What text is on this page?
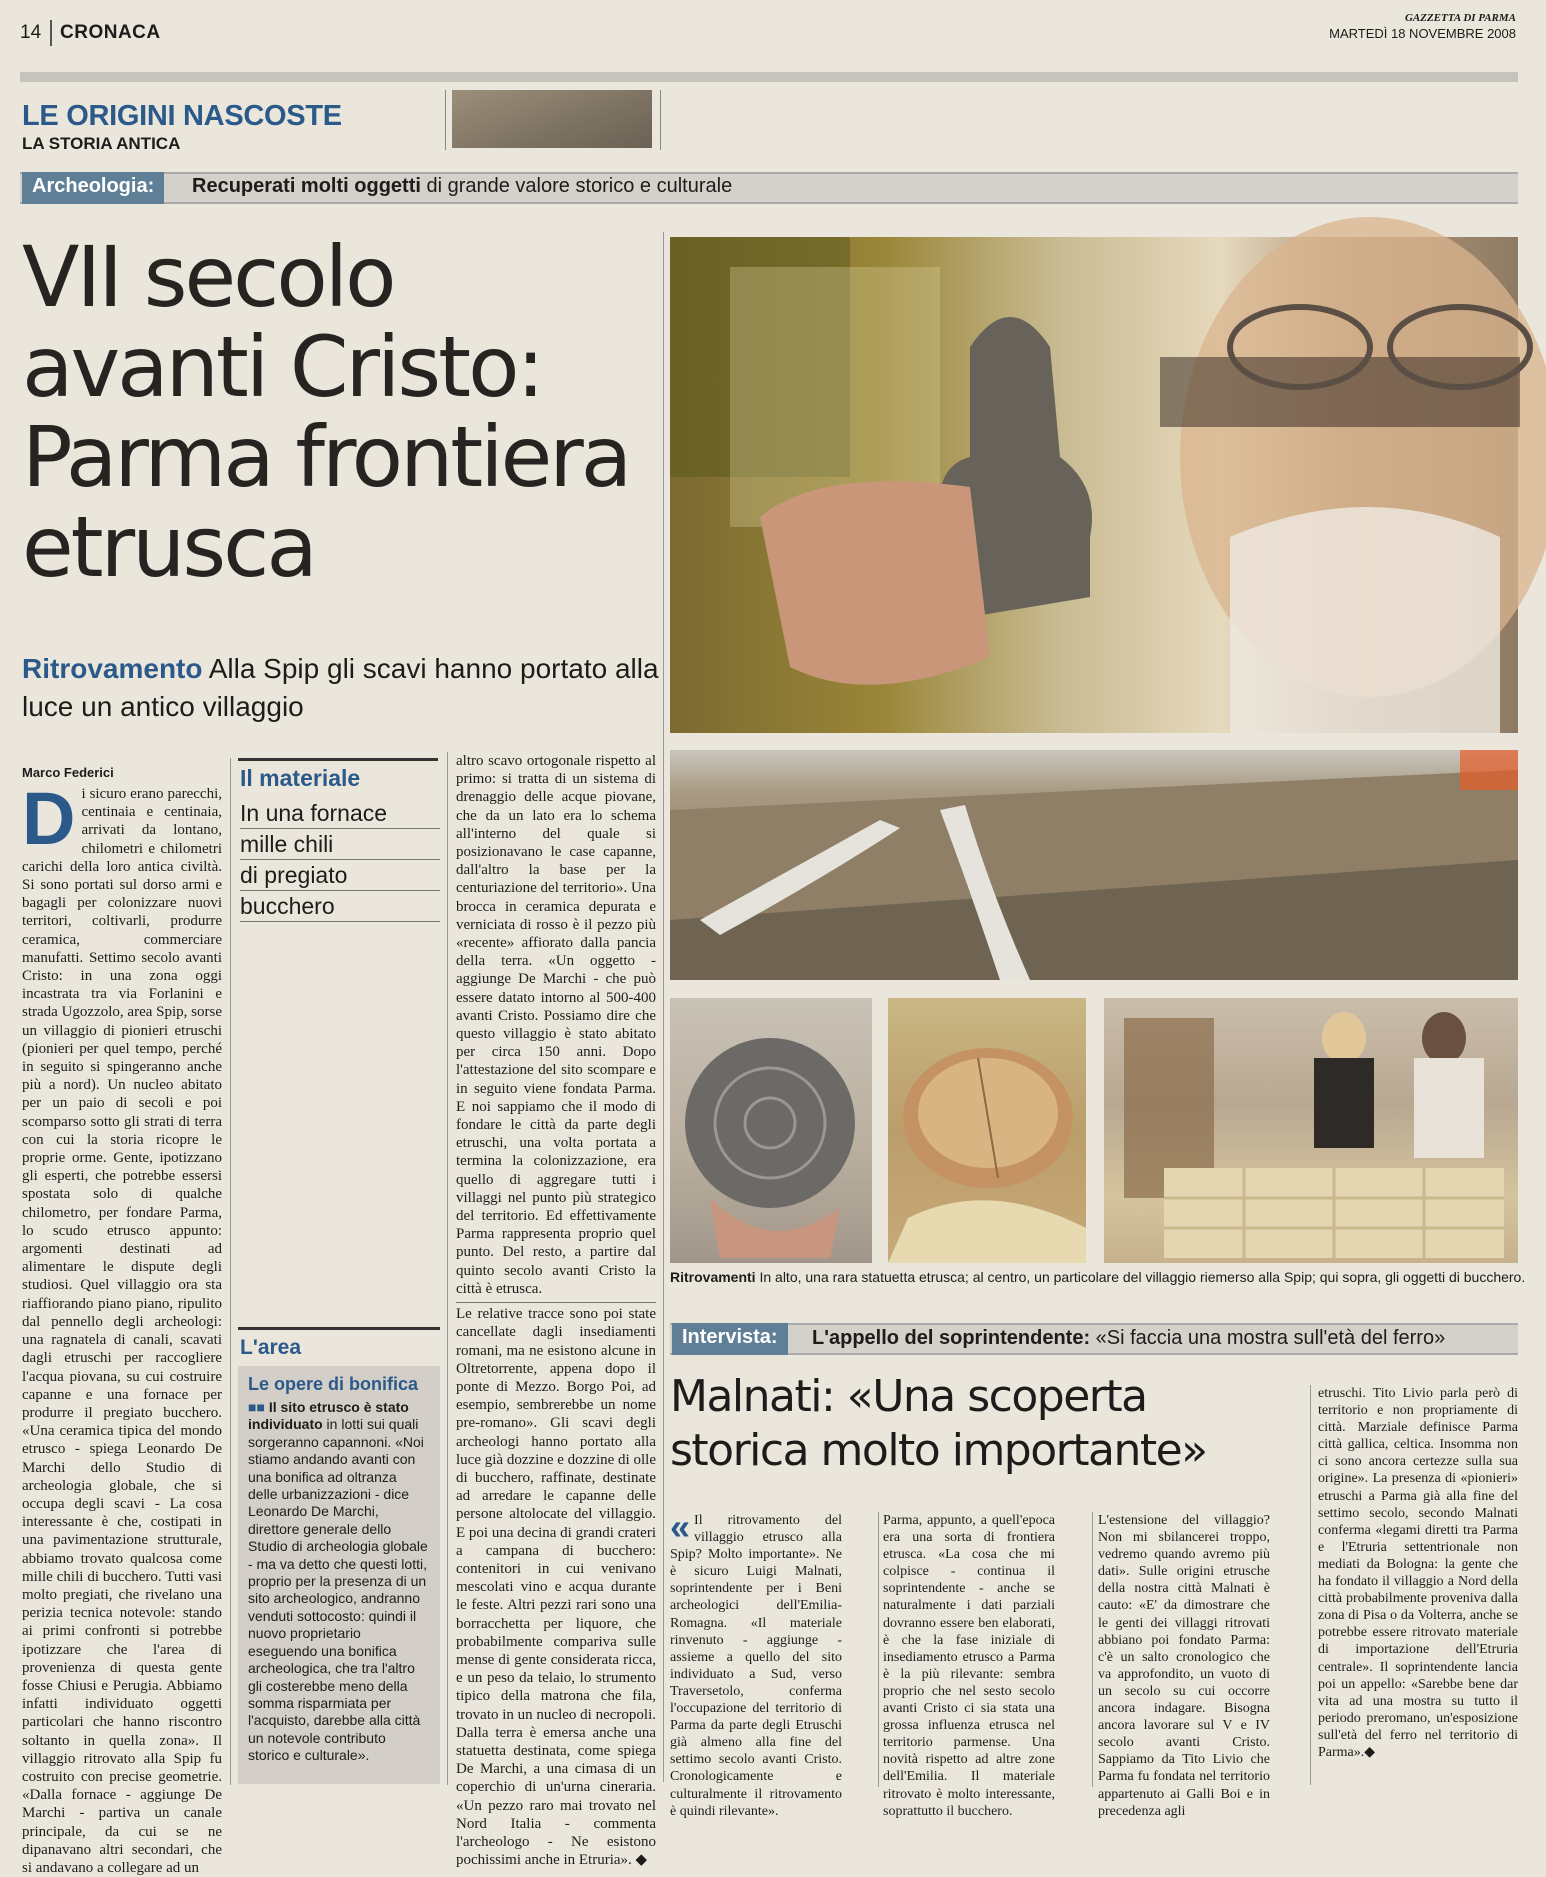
14 CRONACA
GAZZETTA DI PARMA
MARTEDÌ 18 NOVEMBRE 2008
LE ORIGINI NASCOSTE
LA STORIA ANTICA
Archeologia:	Recuperati molti oggetti di grande valore storico e culturale
VII secolo
avanti Cristo:
Parma frontiera
etrusca
Ritrovamento Alla Spip gli scavi hanno portato alla luce un antico villaggio
Ritrovamenti In alto, una rara statuetta etrusca; al centro, un particolare del villaggio riemerso alla Spip; qui sopra, gli oggetti di bucchero.
Marco Federici
Di sicuro erano parecchi, centinaia e centinaia, arrivati da lontano, chilometri e chilometri carichi della loro antica civiltà. Si sono portati sul dorso armi e bagagli per colonizzare nuovi territori, coltivarli, produrre ceramica, commerciare manufatti. Settimo secolo avanti Cristo: in una zona oggi incastrata tra via Forlanini e strada Ugozzolo, area Spip, sorse un villaggio di pionieri etruschi (pionieri per quel tempo, perché in seguito si spingeranno anche più a nord). Un nucleo abitato per un paio di secoli e poi scomparso sotto gli strati di terra con cui la storia ricopre le proprie orme. Gente, ipotizzano gli esperti, che potrebbe essersi spostata solo di qualche chilometro, per fondare Parma, lo scudo etrusco appunto: argomenti destinati ad alimentare le dispute degli studiosi. Quel villaggio ora sta riaffiorando piano piano, ripulito dal pennello degli archeologi: una ragnatela di canali, scavati dagli etruschi per raccogliere l'acqua piovana, su cui costruire capanne e una fornace per produrre il pregiato bucchero. «Una ceramica tipica del mondo etrusco - spiega Leonardo De Marchi dello Studio di archeologia globale, che si occupa degli scavi - La cosa interessante è che, costipati in una pavimentazione strutturale, abbiamo trovato qualcosa come mille chili di bucchero. Tutti vasi molto pregiati, che rivelano una perizia tecnica notevole: stando ai primi confronti si potrebbe ipotizzare che l'area di provenienza di questa gente fosse Chiusi e Perugia. Abbiamo infatti individuato oggetti particolari che hanno riscontro soltanto in quella zona». Il villaggio ritrovato alla Spip fu costruito con precise geometrie. «Dalla fornace - aggiunge De Marchi - partiva un canale principale, da cui se ne dipanavano altri secondari, che si andavano a collegare ad un
Il materiale
In una fornace
mille chili
di pregiato
bucchero
L'area
Le opere di bonifica
■■ Il sito etrusco è stato individuato in lotti sui quali sorgeranno capannoni. «Noi stiamo andando avanti con una bonifica ad oltranza delle urbanizzazioni - dice Leonardo De Marchi, direttore generale dello Studio di archeologia globale - ma va detto che questi lotti, proprio per la presenza di un sito archeologico, andranno venduti sottocosto: quindi il nuovo proprietario eseguendo una bonifica archeologica, che tra l'altro gli costerebbe meno della somma risparmiata per l'acquisto, darebbe alla città un notevole contributo storico e culturale».
altro scavo ortogonale rispetto al primo: si tratta di un sistema di drenaggio delle acque piovane, che da un lato era lo schema all'interno del quale si posizionavano le case capanne, dall'altro la base per la centuriazione del territorio». Una brocca in ceramica depurata e verniciata di rosso è il pezzo più «recente» affiorato dalla pancia della terra. «Un oggetto - aggiunge De Marchi - che può essere datato intorno al 500-400 avanti Cristo. Possiamo dire che questo villaggio è stato abitato per circa 150 anni. Dopo l'attestazione del sito scompare e in seguito viene fondata Parma. E noi sappiamo che il modo di fondare le città da parte degli etruschi, una volta portata a termina la colonizzazione, era quello di aggregare tutti i villaggi nel punto più strategico del territorio. Ed effettivamente Parma rappresenta proprio quel punto. Del resto, a partire dal quinto secolo avanti Cristo la città è etrusca.
Le relative tracce sono poi state cancellate dagli insediamenti romani, ma ne esistono alcune in Oltretorrente, appena dopo il ponte di Mezzo. Borgo Poi, ad esempio, sembrerebbe un nome pre-romano». Gli scavi degli archeologi hanno portato alla luce già dozzine e dozzine di olle di bucchero, raffinate, destinate ad arredare le capanne delle persone altolocate del villaggio. E poi una decina di grandi crateri a campana di bucchero: contenitori in cui venivano mescolati vino e acqua durante le feste. Altri pezzi rari sono una borracchetta per liquore, che probabilmente compariva sulle mense di gente considerata ricca, e un peso da telaio, lo strumento tipico della matrona che fila, trovato in un nucleo di necropoli. Dalla terra è emersa anche una statuetta destinata, come spiega De Marchi, a una cimasa di un coperchio di un'urna cineraria. «Un pezzo raro mai trovato nel Nord Italia - commenta l'archeologo - Ne esistono pochissimi anche in Etruria». ◆
Intervista:	L'appello del soprintendente: «Si faccia una mostra sull'età del ferro»
Malnati: «Una scoperta
storica molto importante»
« Il ritrovamento del villaggio etrusco alla Spip? Molto importante». Ne è sicuro Luigi Malnati, soprintendente per i Beni archeologici dell'Emilia-Romagna. «Il materiale rinvenuto - aggiunge - assieme a quello del sito individuato a Sud, verso Traversetolo, conferma l'occupazione del territorio di Parma da parte degli Etruschi già almeno alla fine del settimo secolo avanti Cristo. Cronologicamente e culturalmente il ritrovamento è quindi rilevante».
Parma, appunto, a quell'epoca era una sorta di frontiera etrusca. «La cosa che mi colpisce - continua il soprintendente - anche se naturalmente i dati parziali dovranno essere ben elaborati, è che la fase iniziale di insediamento etrusco a Parma è la più rilevante: sembra proprio che nel sesto secolo avanti Cristo ci sia stata una grossa influenza etrusca nel territorio parmense. Una novità rispetto ad altre zone dell'Emilia. Il materiale ritrovato è molto interessante, soprattutto il bucchero.
L'estensione del villaggio? Non mi sbilancerei troppo, vedremo quando avremo più dati». Sulle origini etrusche della nostra città Malnati è cauto: «E' da dimostrare che le genti dei villaggi ritrovati abbiano poi fondato Parma: c'è un salto cronologico che va approfondito, un vuoto di un secolo su cui occorre ancora indagare. Bisogna ancora lavorare sul V e IV secolo avanti Cristo. Sappiamo da Tito Livio che Parma fu fondata nel territorio appartenuto ai Galli Boi e in precedenza agli
etruschi. Tito Livio parla però di territorio e non propriamente di città. Marziale definisce Parma città gallica, celtica. Insomma non ci sono ancora certezze sulla sua origine». La presenza di «pionieri» etruschi a Parma già alla fine del settimo secolo, secondo Malnati conferma «legami diretti tra Parma e l'Etruria settentrionale non mediati da Bologna: la gente che ha fondato il villaggio a Nord della città probabilmente proveniva dalla zona di Pisa o da Volterra, anche se potrebbe essere ritrovato materiale di importazione dell'Etruria centrale». Il soprintendente lancia poi un appello: «Sarebbe bene dar vita ad una mostra su tutto il periodo preromano, un'esposizione sull'età del ferro nel territorio di Parma».◆
